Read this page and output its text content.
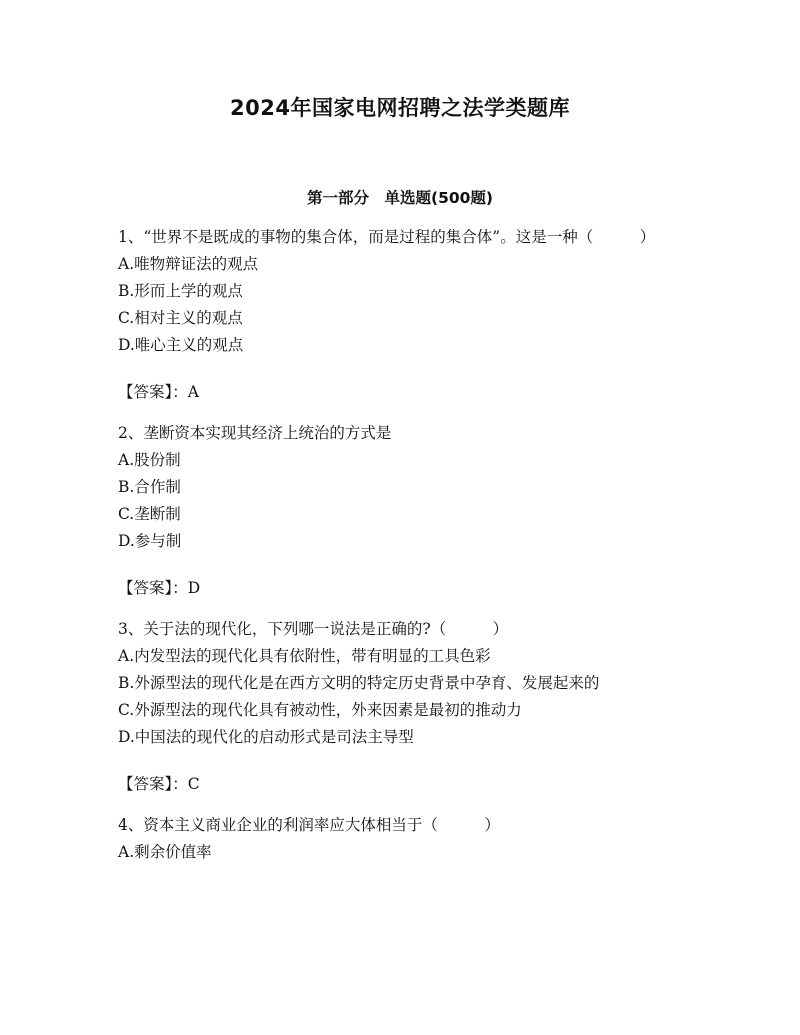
2024年国家电网招聘之法学类题库
第一部分　单选题(500题)

1、“世界不是既成的事物的集合体，而是过程的集合体”。这是一种（　　　）

A.唯物辩证法的观点

B.形而上学的观点

C.相对主义的观点

D.唯心主义的观点

【答案】：A

2、垄断资本实现其经济上统治的方式是

A.股份制

B.合作制

C.垄断制

D.参与制

【答案】：D

3、关于法的现代化，下列哪一说法是正确的?（　　　）

A.内发型法的现代化具有依附性，带有明显的工具色彩

B.外源型法的现代化是在西方文明的特定历史背景中孕育、发展起来的

C.外源型法的现代化具有被动性，外来因素是最初的推动力

D.中国法的现代化的启动形式是司法主导型

【答案】：C

4、资本主义商业企业的利润率应大体相当于（　　　）

A.剩余价值率
